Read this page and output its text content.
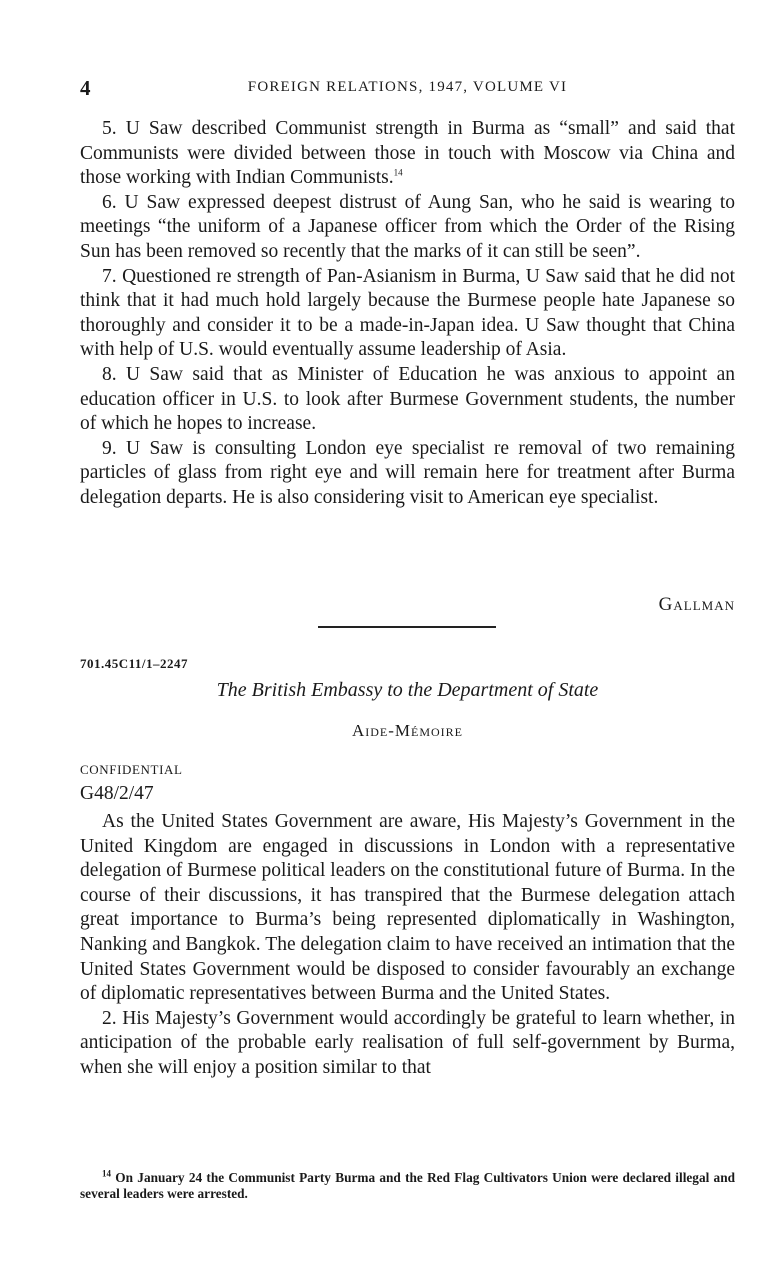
4	FOREIGN RELATIONS, 1947, VOLUME VI

5. U Saw described Communist strength in Burma as “small” and said that Communists were divided between those in touch with Moscow via China and those working with Indian Communists.$^{14}$

6. U Saw expressed deepest distrust of Aung San, who he said is wearing to meetings “the uniform of a Japanese officer from which the Order of the Rising Sun has been removed so recently that the marks of it can still be seen”.

7. Questioned re strength of Pan-Asianism in Burma, U Saw said that he did not think that it had much hold largely because the Burmese people hate Japanese so thoroughly and consider it to be a made-in-Japan idea. U Saw thought that China with help of U.S. would eventually assume leadership of Asia.

8. U Saw said that as Minister of Education he was anxious to appoint an education officer in U.S. to look after Burmese Government students, the number of which he hopes to increase.

9. U Saw is consulting London eye specialist re removal of two remaining particles of glass from right eye and will remain here for treatment after Burma delegation departs. He is also considering visit to American eye specialist.

Gallman
701.45C11/1–2247
The British Embassy to the Department of State
Aide-Mémoire
CONFIDENTIAL
G48/2/47

As the United States Government are aware, His Majesty’s Government in the United Kingdom are engaged in discussions in London with a representative delegation of Burmese political leaders on the constitutional future of Burma. In the course of their discussions, it has transpired that the Burmese delegation attach great importance to Burma’s being represented diplomatically in Washington, Nanking and Bangkok. The delegation claim to have received an intimation that the United States Government would be disposed to consider favourably an exchange of diplomatic representatives between Burma and the United States.

2. His Majesty’s Government would accordingly be grateful to learn whether, in anticipation of the probable early realisation of full self-government by Burma, when she will enjoy a position similar to that

$^{14}$ On January 24 the Communist Party Burma and the Red Flag Cultivators Union were declared illegal and several leaders were arrested.
